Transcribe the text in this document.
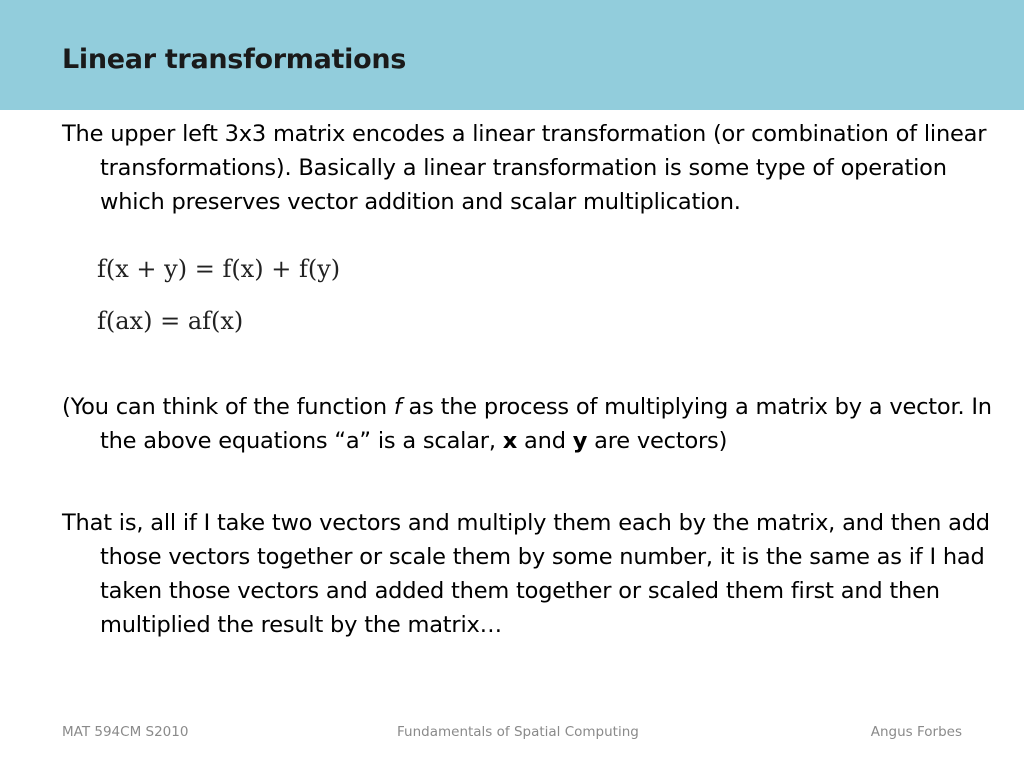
Linear transformations
The upper left 3x3 matrix encodes a linear transformation (or combination of linear transformations). Basically a linear transformation is some type of operation which preserves vector addition and scalar multiplication.
f(x + y) = f(x) + f(y)
f(ax) = af(x)
(You can think of the function f as the process of multiplying a matrix by a vector. In the above equations “a” is a scalar, x and y are vectors)
That is, all if I take two vectors and multiply them each by the matrix, and then add those vectors together or scale them by some number, it is the same as if I had taken those vectors and added them together or scaled them first and then multiplied the result by the matrix…
MAT 594CM S2010	Fundamentals of Spatial Computing	Angus Forbes
